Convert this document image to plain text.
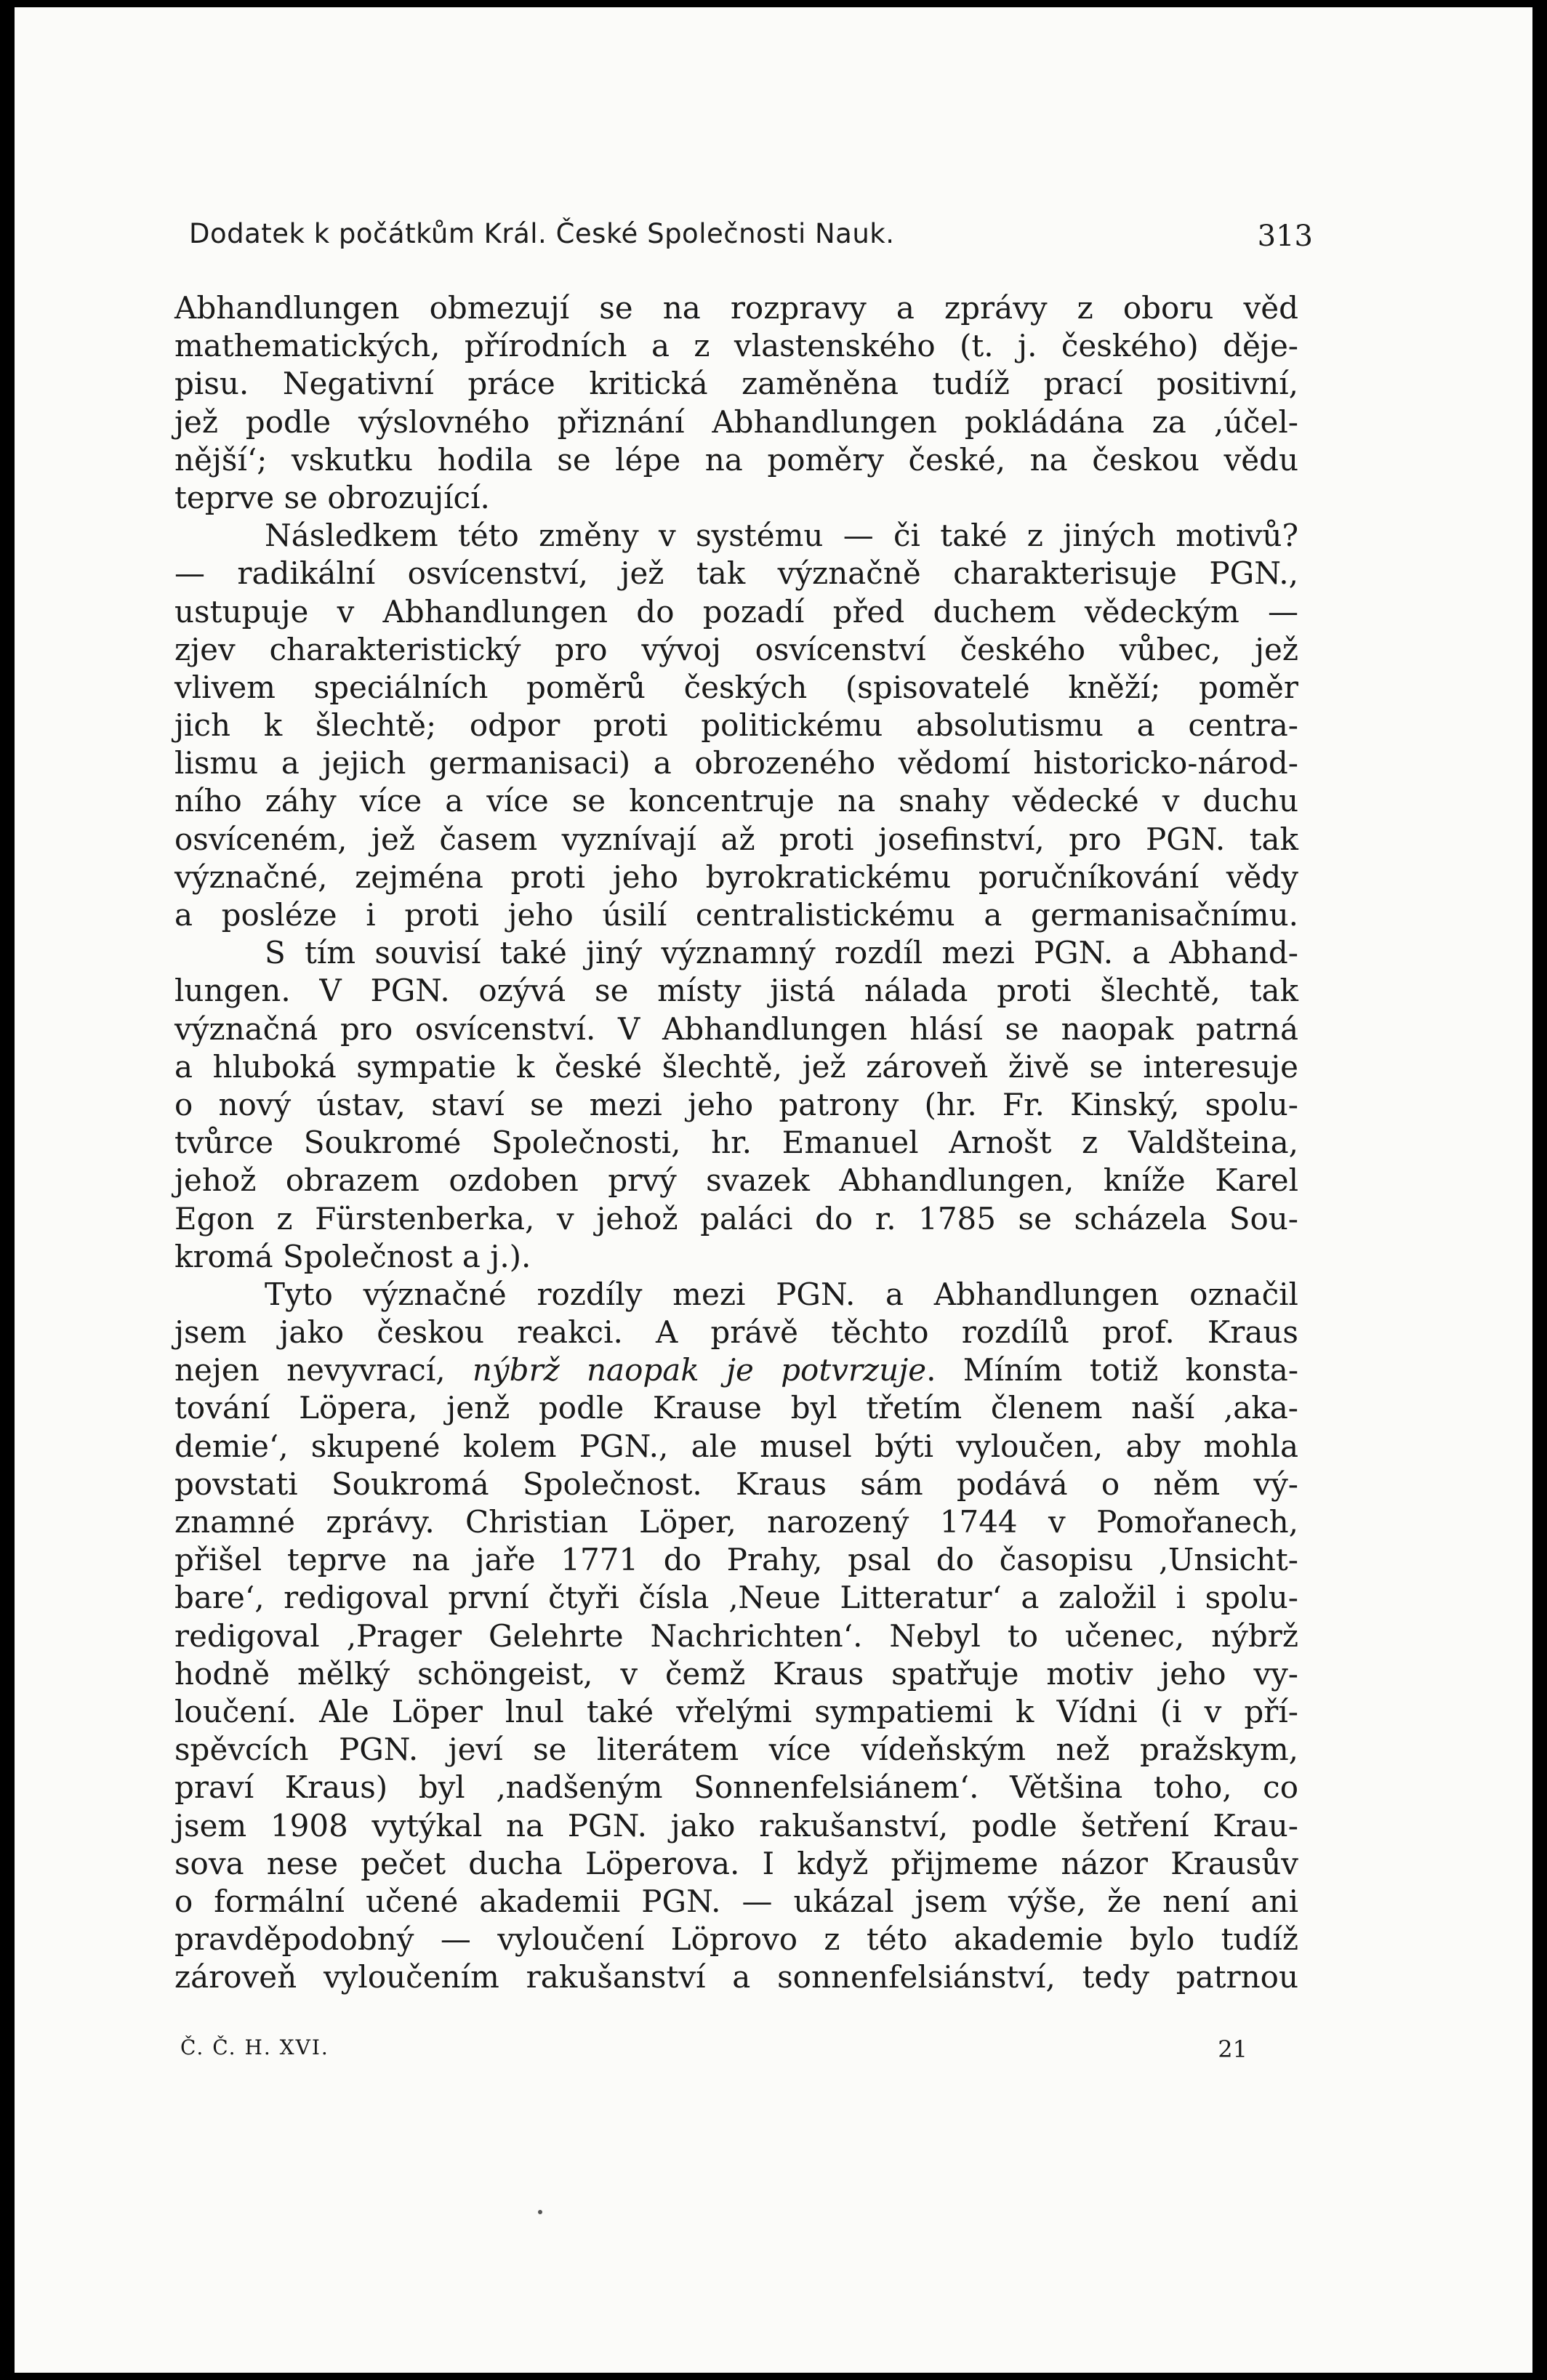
Dodatek k počátkům Král. České Společnosti Nauk.	313
Abhandlungen obmezují se na rozpravy a zprávy z oboru věd
mathematických, přírodních a z vlastenského (t. j. českého) děje-
pisu. Negativní práce kritická zaměněna tudíž prací positivní,
jež podle výslovného přiznání Abhandlungen pokládána za ‚účel-
nější‘; vskutku hodila se lépe na poměry české, na českou vědu
teprve se obrozující.
Následkem této změny v systému — či také z jiných motivů?
— radikální osvícenství, jež tak význačně charakterisuje PGN.,
ustupuje v Abhandlungen do pozadí před duchem vědeckým —
zjev charakteristický pro vývoj osvícenství českého vůbec, jež
vlivem speciálních poměrů českých (spisovatelé kněží; poměr
jich k šlechtě; odpor proti politickému absolutismu a centra-
lismu a jejich germanisaci) a obrozeného vědomí historicko-národ-
ního záhy více a více se koncentruje na snahy vědecké v duchu
osvíceném, jež časem vyznívají až proti josefinství, pro PGN. tak
význačné, zejména proti jeho byrokratickému poručníkování vědy
a posléze i proti jeho úsilí centralistickému a germanisačnímu.
S tím souvisí také jiný významný rozdíl mezi PGN. a Abhand-
lungen. V PGN. ozývá se místy jistá nálada proti šlechtě, tak
význačná pro osvícenství. V Abhandlungen hlásí se naopak patrná
a hluboká sympatie k české šlechtě, jež zároveň živě se interesuje
o nový ústav, staví se mezi jeho patrony (hr. Fr. Kinský, spolu-
tvůrce Soukromé Společnosti, hr. Emanuel Arnošt z Valdšteina,
jehož obrazem ozdoben prvý svazek Abhandlungen, kníže Karel
Egon z Fürstenberka, v jehož paláci do r. 1785 se scházela Sou-
kromá Společnost a j.).
Tyto význačné rozdíly mezi PGN. a Abhandlungen označil
jsem jako českou reakci. A právě těchto rozdílů prof. Kraus
nejen nevyvrací, nýbrž naopak je potvrzuje. Míním totiž konsta-
tování Löpera, jenž podle Krause byl třetím členem naší ‚aka-
demie‘, skupené kolem PGN., ale musel býti vyloučen, aby mohla
povstati Soukromá Společnost. Kraus sám podává o něm vý-
znamné zprávy. Christian Löper, narozený 1744 v Pomořanech,
přišel teprve na jaře 1771 do Prahy, psal do časopisu ‚Unsicht-
bare‘, redigoval první čtyři čísla ‚Neue Litteratur‘ a založil i spolu-
redigoval ‚Prager Gelehrte Nachrichten‘. Nebyl to učenec, nýbrž
hodně mělký schöngeist, v čemž Kraus spatřuje motiv jeho vy-
loučení. Ale Löper lnul také vřelými sympatiemi k Vídni (i v pří-
spěvcích PGN. jeví se literátem více vídeňským než pražskym,
praví Kraus) byl ‚nadšeným Sonnenfelsiánem‘. Většina toho, co
jsem 1908 vytýkal na PGN. jako rakušanství, podle šetření Krau-
sova nese pečet ducha Löperova. I když přijmeme názor Krausův
o formální učené akademii PGN. — ukázal jsem výše, že není ani
pravděpodobný — vyloučení Löprovo z této akademie bylo tudíž
zároveň vyloučením rakušanství a sonnenfelsiánství, tedy patrnou
Č. Č. H. XVI.	21
